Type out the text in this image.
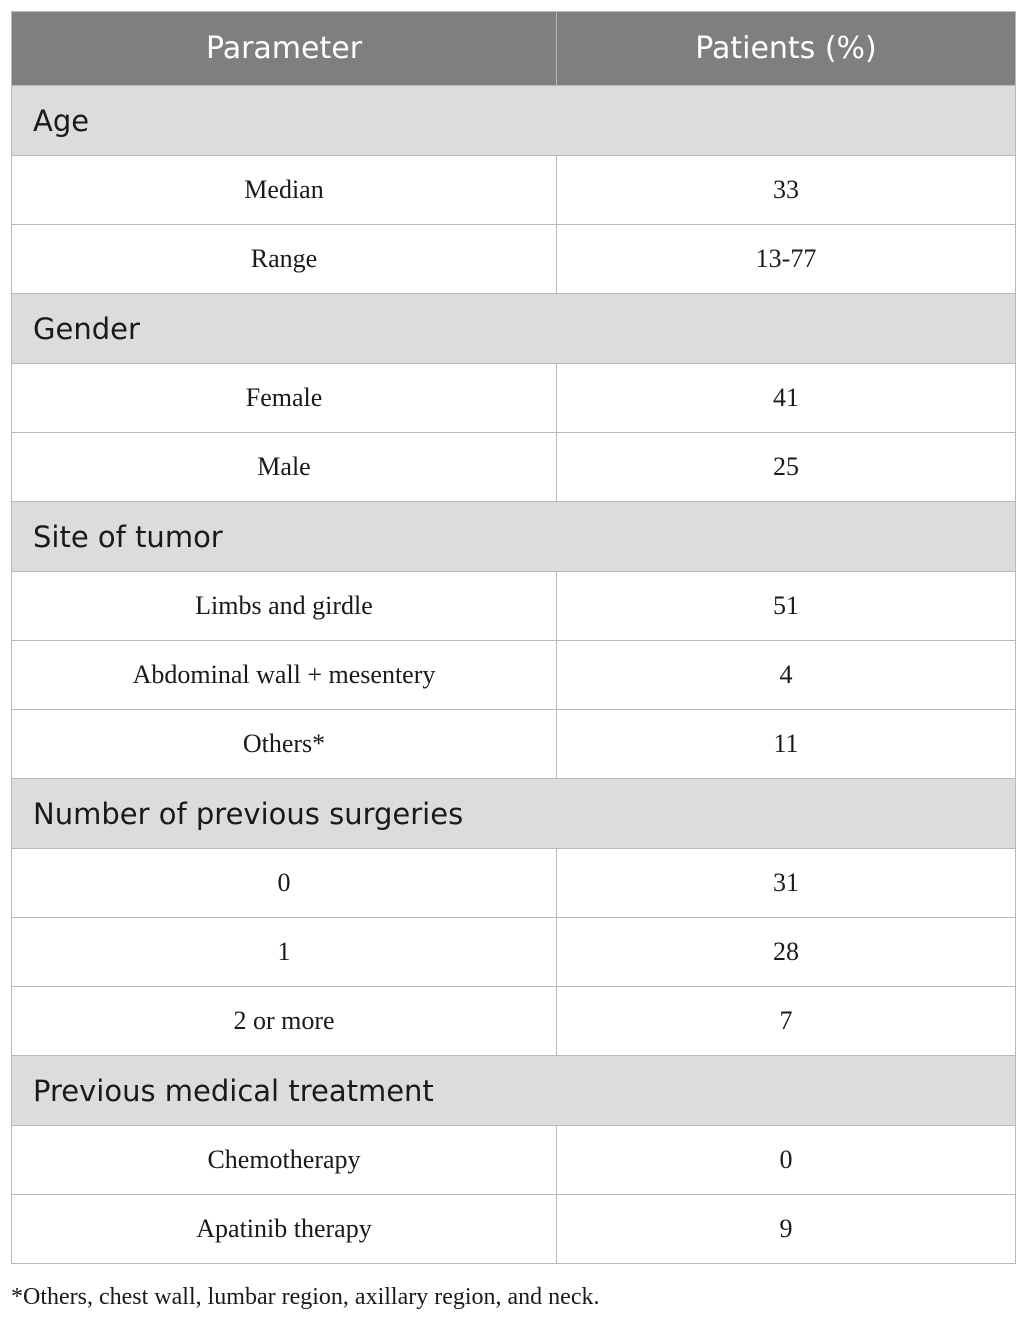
Parameter	Patients (%)
Age	
Median	33
Range	13-77
Gender	
Female	41
Male	25
Site of tumor	
Limbs and girdle	51
Abdominal wall + mesentery	4
Others*	11
Number of previous surgeries	
0	31
1	28
2 or more	7
Previous medical treatment	
Chemotherapy	0
Apatinib therapy	9
*Others, chest wall, lumbar region, axillary region, and neck.
